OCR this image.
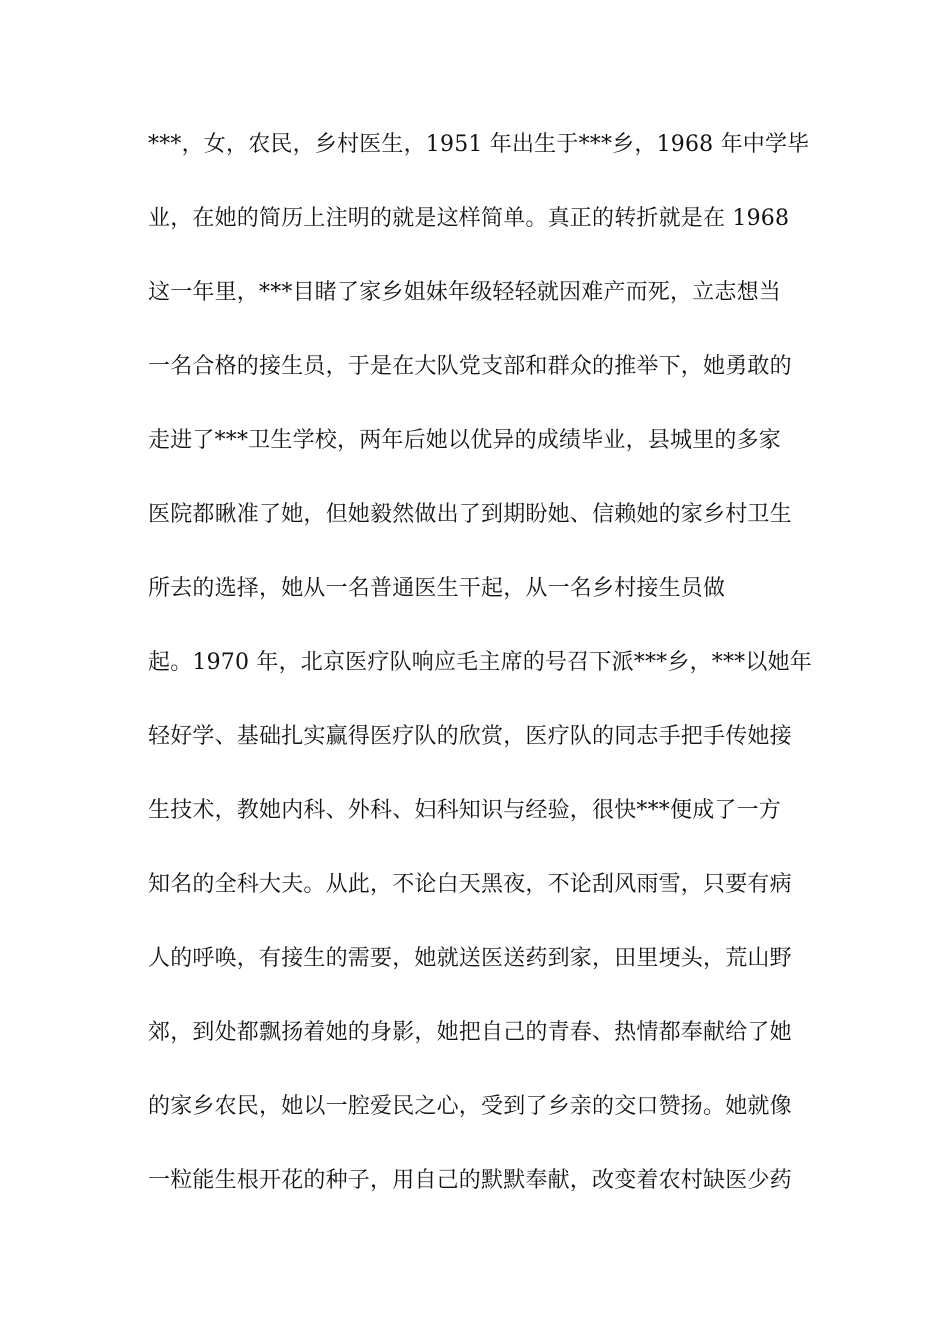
***，女，农民，乡村医生，1951 年出生于***乡，1968 年中学毕
业，在她的简历上注明的就是这样简单。真正的转折就是在 1968
这一年里，***目睹了家乡姐妹年级轻轻就因难产而死，立志想当
一名合格的接生员，于是在大队党支部和群众的推举下，她勇敢的
走进了***卫生学校，两年后她以优异的成绩毕业，县城里的多家
医院都瞅准了她，但她毅然做出了到期盼她、信赖她的家乡村卫生
所去的选择，她从一名普通医生干起，从一名乡村接生员做
起。1970 年，北京医疗队响应毛主席的号召下派***乡，***以她年
轻好学、基础扎实赢得医疗队的欣赏，医疗队的同志手把手传她接
生技术，教她内科、外科、妇科知识与经验，很快***便成了一方
知名的全科大夫。从此，不论白天黑夜，不论刮风雨雪，只要有病
人的呼唤，有接生的需要，她就送医送药到家，田里埂头，荒山野
郊，到处都飘扬着她的身影，她把自己的青春、热情都奉献给了她
的家乡农民，她以一腔爱民之心，受到了乡亲的交口赞扬。她就像
一粒能生根开花的种子，用自己的默默奉献，改变着农村缺医少药
